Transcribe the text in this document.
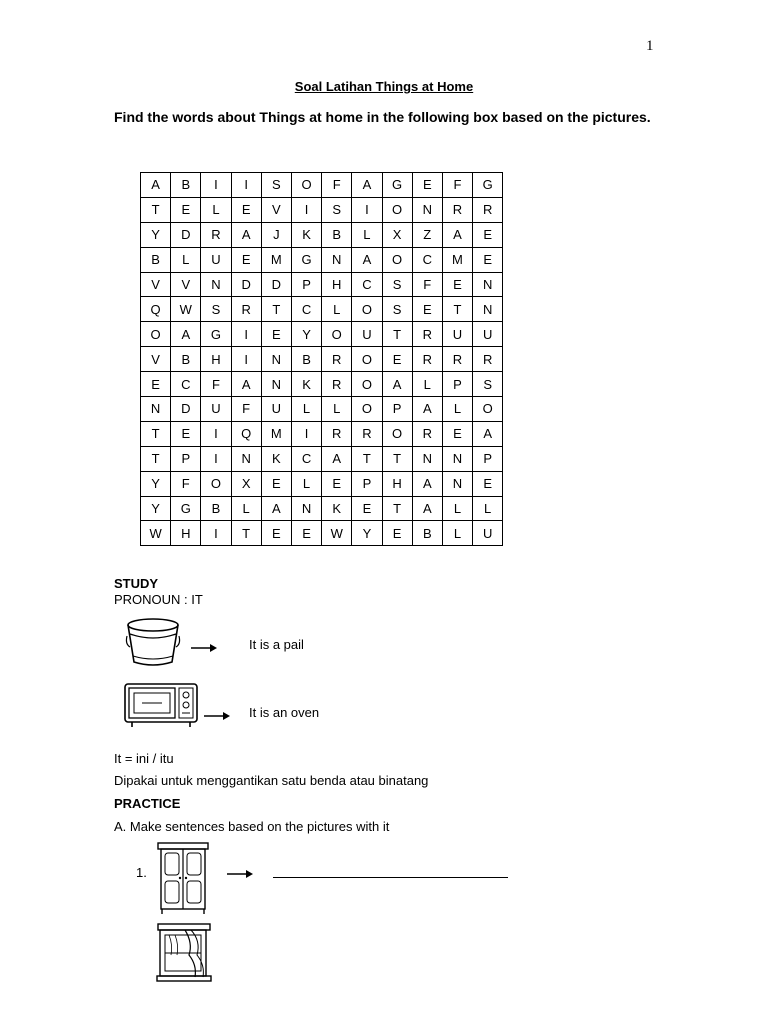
1
Soal Latihan Things at Home
Find the words about Things at home in the following box based on the pictures.
A	B	I	I	S	O	F	A	G	E	F	G
T	E	L	E	V	I	S	I	O	N	R	R
Y	D	R	A	J	K	B	L	X	Z	A	E
B	L	U	E	M	G	N	A	O	C	M	E
V	V	N	D	D	P	H	C	S	F	E	N
Q	W	S	R	T	C	L	O	S	E	T	N
O	A	G	I	E	Y	O	U	T	R	U	U
V	B	H	I	N	B	R	O	E	R	R	R
E	C	F	A	N	K	R	O	A	L	P	S
N	D	U	F	U	L	L	O	P	A	L	O
T	E	I	Q	M	I	R	R	O	R	E	A
T	P	I	N	K	C	A	T	T	N	N	P
Y	F	O	X	E	L	E	P	H	A	N	E
Y	G	B	L	A	N	K	E	T	A	L	L
W	H	I	T	E	E	W	Y	E	B	L	U
STUDY
PRONOUN : IT
It is a pail
It is an oven
It = ini / itu
Dipakai untuk menggantikan satu benda atau binatang
PRACTICE
A. Make sentences based on the pictures with it
1.
